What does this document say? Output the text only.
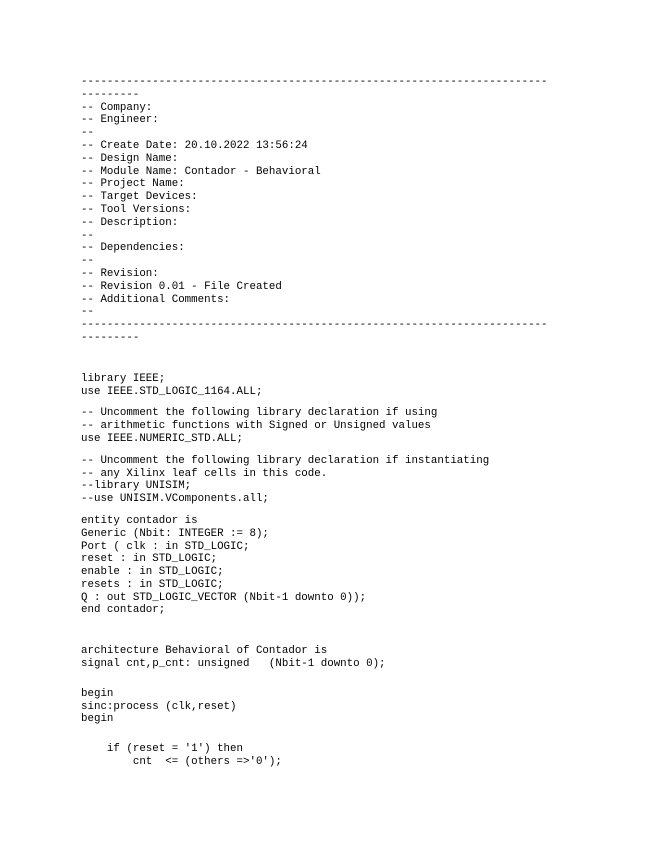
------------------------------------------------------------------------
---------
-- Company:
-- Engineer:
--
-- Create Date: 20.10.2022 13:56:24
-- Design Name:
-- Module Name: Contador - Behavioral
-- Project Name:
-- Target Devices:
-- Tool Versions:
-- Description:
--
-- Dependencies:
--
-- Revision:
-- Revision 0.01 - File Created
-- Additional Comments:
--
------------------------------------------------------------------------
---------
library IEEE;
use IEEE.STD_LOGIC_1164.ALL;
-- Uncomment the following library declaration if using
-- arithmetic functions with Signed or Unsigned values
use IEEE.NUMERIC_STD.ALL;
-- Uncomment the following library declaration if instantiating
-- any Xilinx leaf cells in this code.
--library UNISIM;
--use UNISIM.VComponents.all;
entity contador is
Generic (Nbit: INTEGER := 8);
Port ( clk : in STD_LOGIC;
reset : in STD_LOGIC;
enable : in STD_LOGIC;
resets : in STD_LOGIC;
Q : out STD_LOGIC_VECTOR (Nbit-1 downto 0));
end contador;
architecture Behavioral of Contador is
signal cnt,p_cnt: unsigned   (Nbit-1 downto 0);
begin
sinc:process (clk,reset)
begin
if (reset = '1') then
cnt  <= (others =>'0');
